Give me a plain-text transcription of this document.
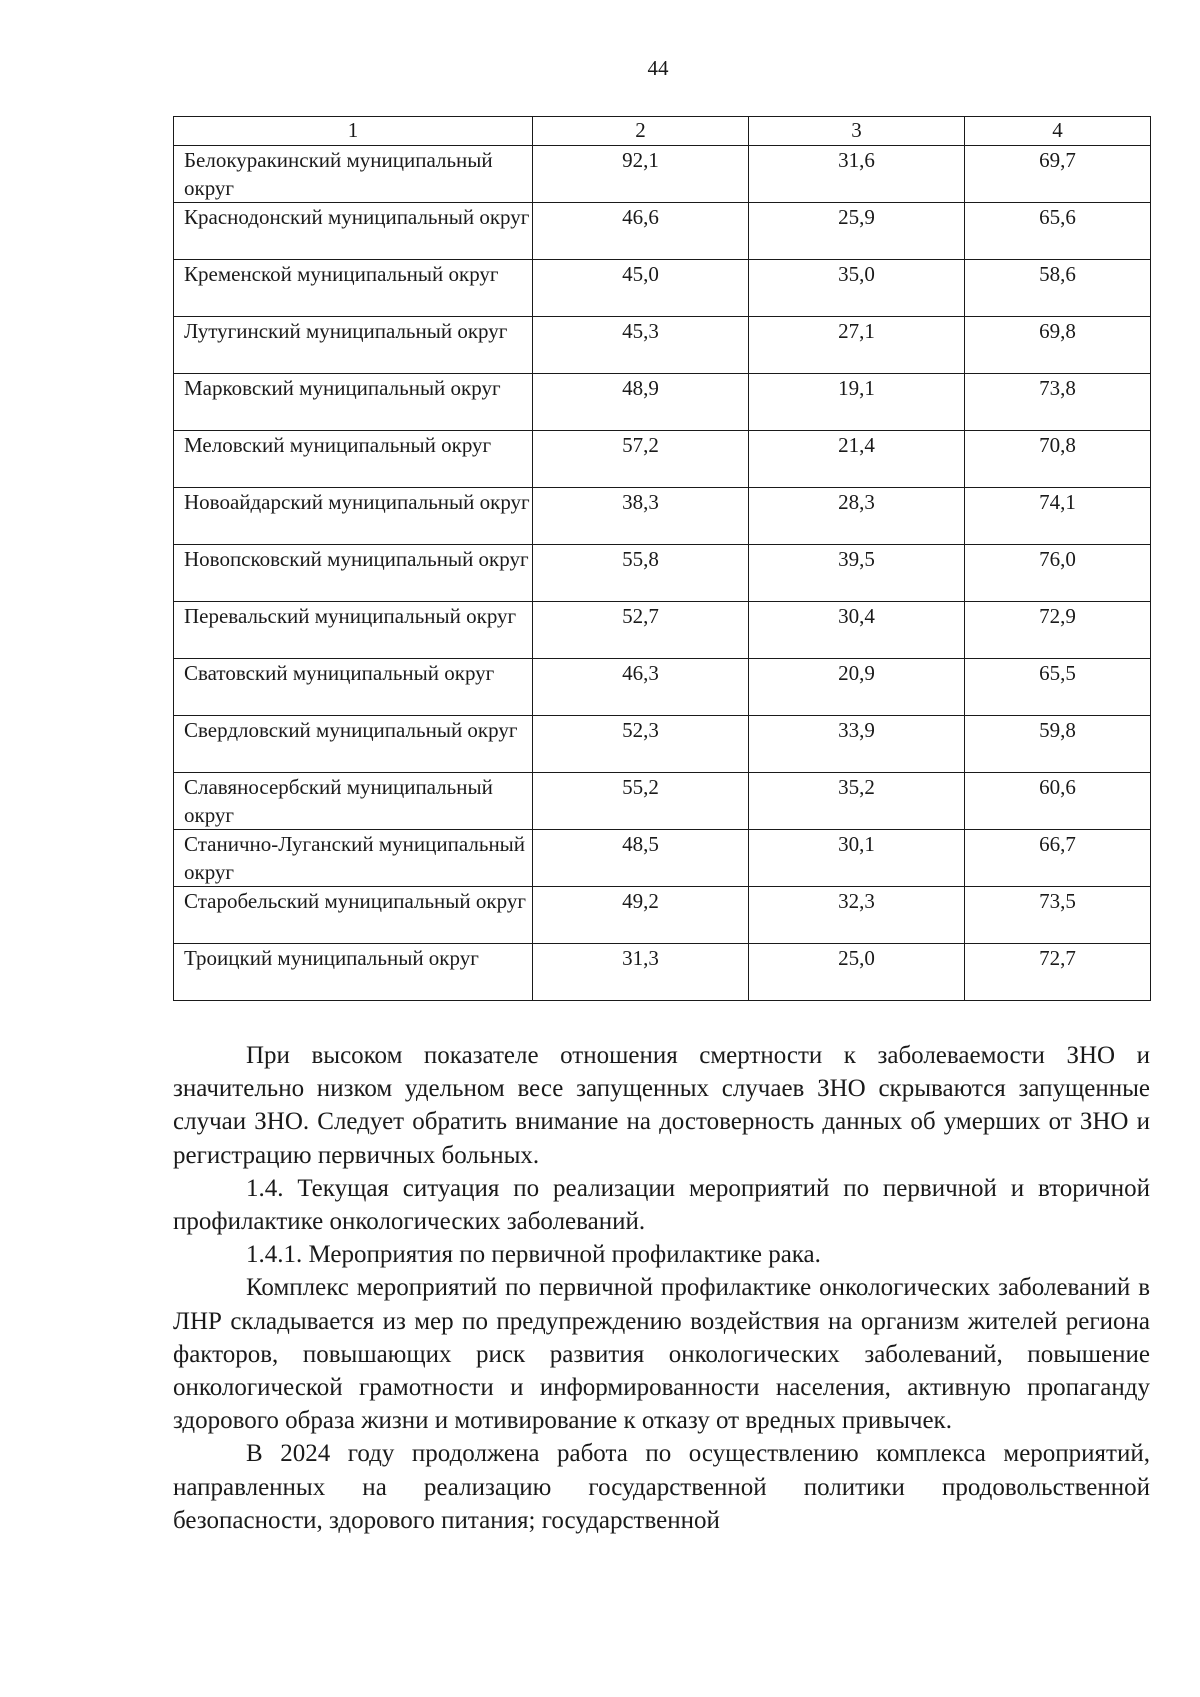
44
1	2	3	4
Белокуракинский муниципальный округ	92,1	31,6	69,7
Краснодонский муниципальный округ	46,6	25,9	65,6
Кременской муниципальный округ	45,0	35,0	58,6
Лутугинский муниципальный округ	45,3	27,1	69,8
Марковский муниципальный округ	48,9	19,1	73,8
Меловский муниципальный округ	57,2	21,4	70,8
Новоайдарский муниципальный округ	38,3	28,3	74,1
Новопсковский муниципальный округ	55,8	39,5	76,0
Перевальский муниципальный округ	52,7	30,4	72,9
Сватовский муниципальный округ	46,3	20,9	65,5
Свердловский муниципальный округ	52,3	33,9	59,8
Славяносербский муниципальный округ	55,2	35,2	60,6
Станично-Луганский муниципальный округ	48,5	30,1	66,7
Старобельский муниципальный округ	49,2	32,3	73,5
Троицкий муниципальный округ	31,3	25,0	72,7

При высоком показателе отношения смертности к заболеваемости ЗНО и значительно низком удельном весе запущенных случаев ЗНО скрываются запущенные случаи ЗНО. Следует обратить внимание на достоверность данных об умерших от ЗНО и регистрацию первичных больных.

1.4. Текущая ситуация по реализации мероприятий по первичной и вторичной профилактике онкологических заболеваний.

1.4.1. Мероприятия по первичной профилактике рака.

Комплекс мероприятий по первичной профилактике онкологических заболеваний в ЛНР складывается из мер по предупреждению воздействия на организм жителей региона факторов, повышающих риск развития онкологических заболеваний, повышение онкологической грамотности и информированности населения, активную пропаганду здорового образа жизни и мотивирование к отказу от вредных привычек.

В 2024 году продолжена работа по осуществлению комплекса мероприятий, направленных на реализацию государственной политики продовольственной безопасности, здорового питания; государственной
